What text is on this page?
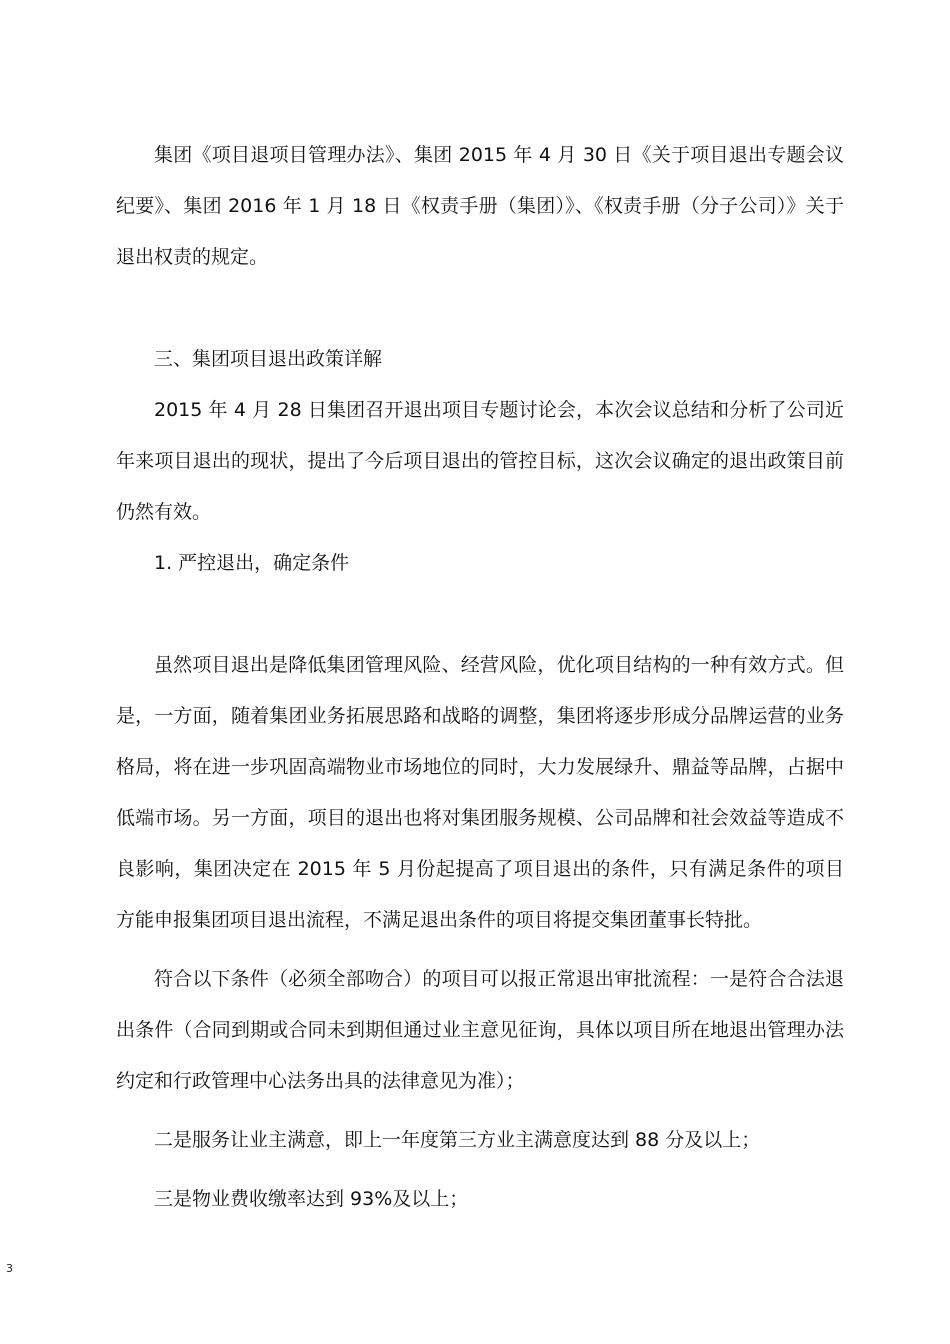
集团《项目退项目管理办法》、集团 2015 年 4 月 30 日《关于项目退出专题会议纪要》、集团 2016 年 1 月 18 日《权责手册（集团）》、《权责手册（分子公司）》关于退出权责的规定。

三、集团项目退出政策详解

2015 年 4 月 28 日集团召开退出项目专题讨论会，本次会议总结和分析了公司近年来项目退出的现状，提出了今后项目退出的管控目标，这次会议确定的退出政策目前仍然有效。

1. 严控退出，确定条件

虽然项目退出是降低集团管理风险、经营风险，优化项目结构的一种有效方式。但是，一方面，随着集团业务拓展思路和战略的调整，集团将逐步形成分品牌运营的业务格局，将在进一步巩固高端物业市场地位的同时，大力发展绿升、鼎益等品牌，占据中低端市场。另一方面，项目的退出也将对集团服务规模、公司品牌和社会效益等造成不良影响，集团决定在 2015 年 5 月份起提高了项目退出的条件，只有满足条件的项目方能申报集团项目退出流程，不满足退出条件的项目将提交集团董事长特批。

符合以下条件（必须全部吻合）的项目可以报正常退出审批流程：一是符合合法退出条件（合同到期或合同未到期但通过业主意见征询，具体以项目所在地退出管理办法约定和行政管理中心法务出具的法律意见为准）；

二是服务让业主满意，即上一年度第三方业主满意度达到 88 分及以上；

三是物业费收缴率达到 93%及以上；

3
